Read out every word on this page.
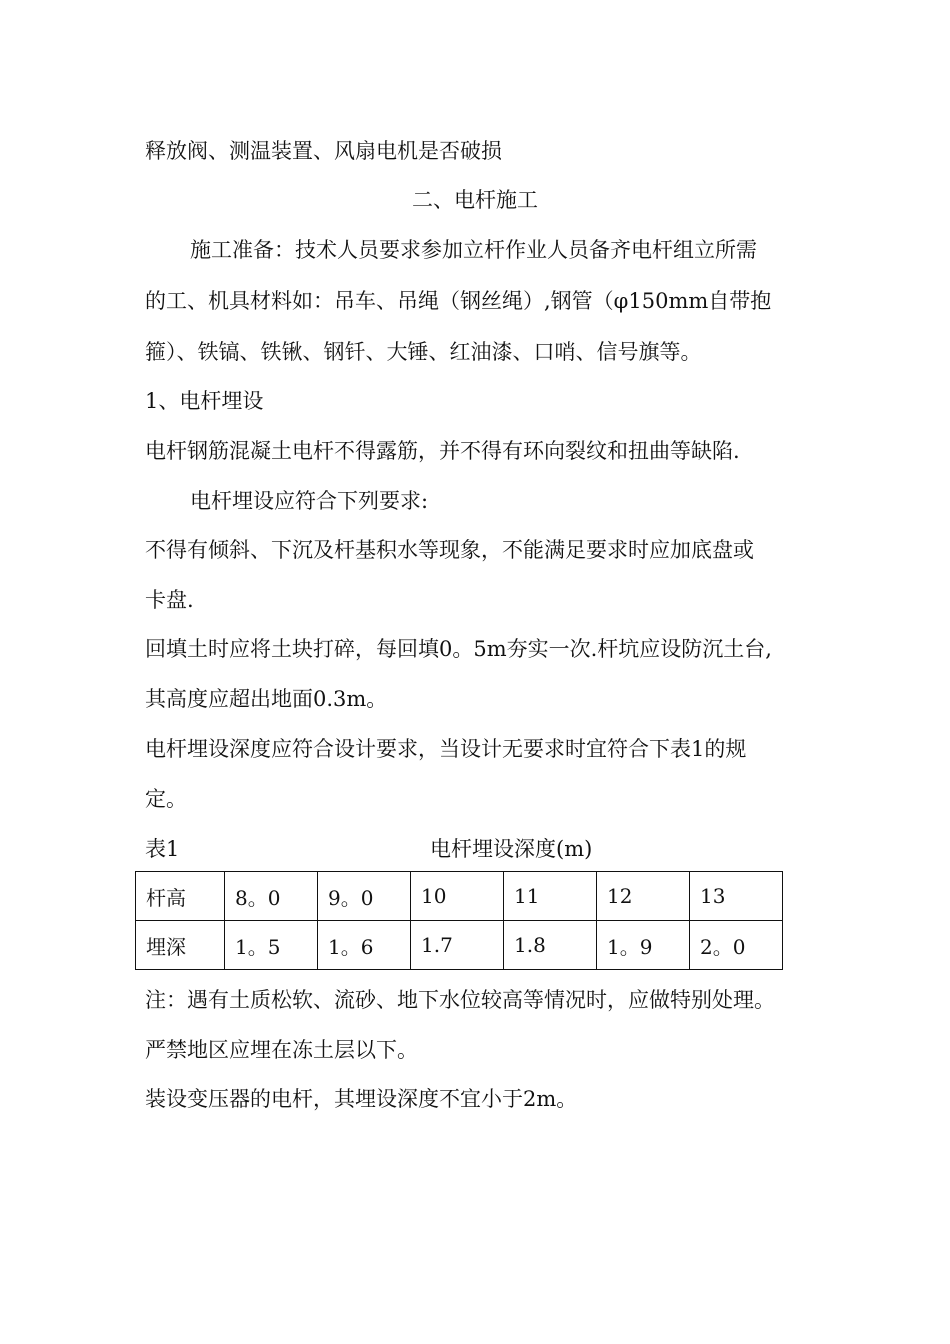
释放阀、测温装置、风扇电机是否破损
二、电杆施工
施工准备：技术人员要求参加立杆作业人员备齐电杆组立所需
的工、机具材料如：吊车、吊绳（钢丝绳）,钢管（φ150mm自带抱
箍）、铁镐、铁锹、钢钎、大锤、红油漆、口哨、信号旗等。
1、电杆埋设
电杆钢筋混凝土电杆不得露筋，并不得有环向裂纹和扭曲等缺陷.
电杆埋设应符合下列要求:
不得有倾斜、下沉及杆基积水等现象，不能满足要求时应加底盘或
卡盘.
回填土时应将土块打碎，每回填0。5m夯实一次.杆坑应设防沉土台,
其高度应超出地面0.3m。
电杆埋设深度应符合设计要求，当设计无要求时宜符合下表1的规
定。
表1	电杆埋设深度(m)
杆高	8。0	9。0	10	11	12	13
埋深	1。5	1。6	1.7	1.8	1。9	2。0
注：遇有土质松软、流砂、地下水位较高等情况时，应做特别处理。
严禁地区应埋在冻土层以下。
装设变压器的电杆，其埋设深度不宜小于2m。
